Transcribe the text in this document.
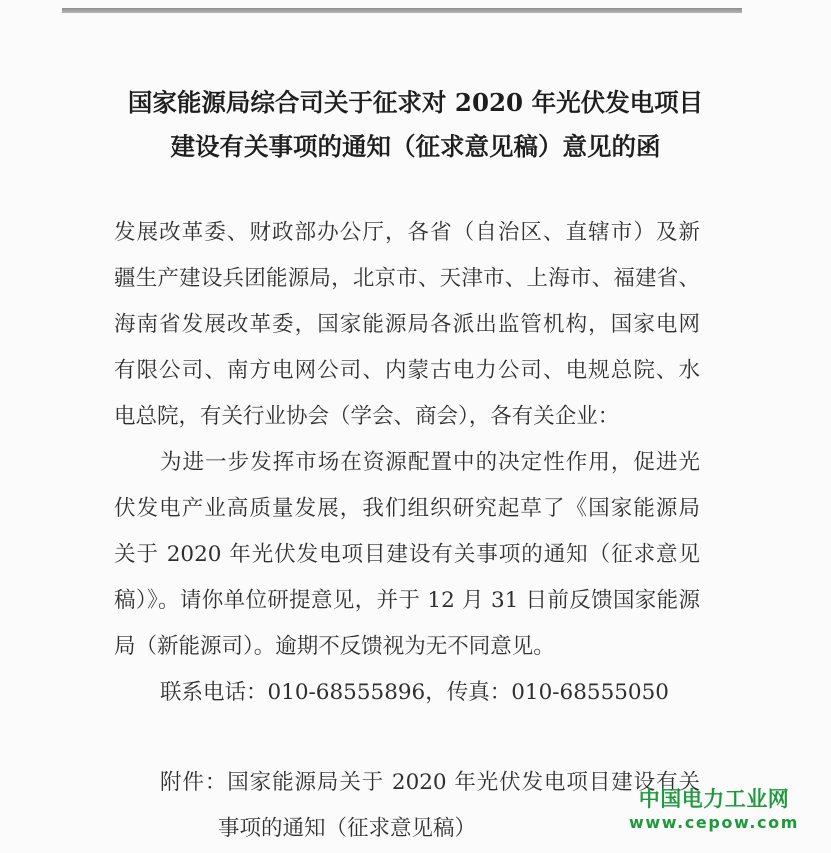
国家能源局综合司关于征求对 2020 年光伏发电项目
建设有关事项的通知（征求意见稿）意见的函
发展改革委、财政部办公厅，各省（自治区、直辖市）及新
疆生产建设兵团能源局，北京市、天津市、上海市、福建省、
海南省发展改革委，国家能源局各派出监管机构，国家电网
有限公司、南方电网公司、内蒙古电力公司、电规总院、水
电总院，有关行业协会（学会、商会），各有关企业：
为进一步发挥市场在资源配置中的决定性作用，促进光
伏发电产业高质量发展，我们组织研究起草了《国家能源局
关于 2020 年光伏发电项目建设有关事项的通知（征求意见
稿）》。请你单位研提意见，并于 12 月 31 日前反馈国家能源
局（新能源司）。逾期不反馈视为无不同意见。
联系电话：010-68555896，传真：010-68555050
附件：国家能源局关于 2020 年光伏发电项目建设有关
事项的通知（征求意见稿）
中国电力工业网
www.cepow.com
